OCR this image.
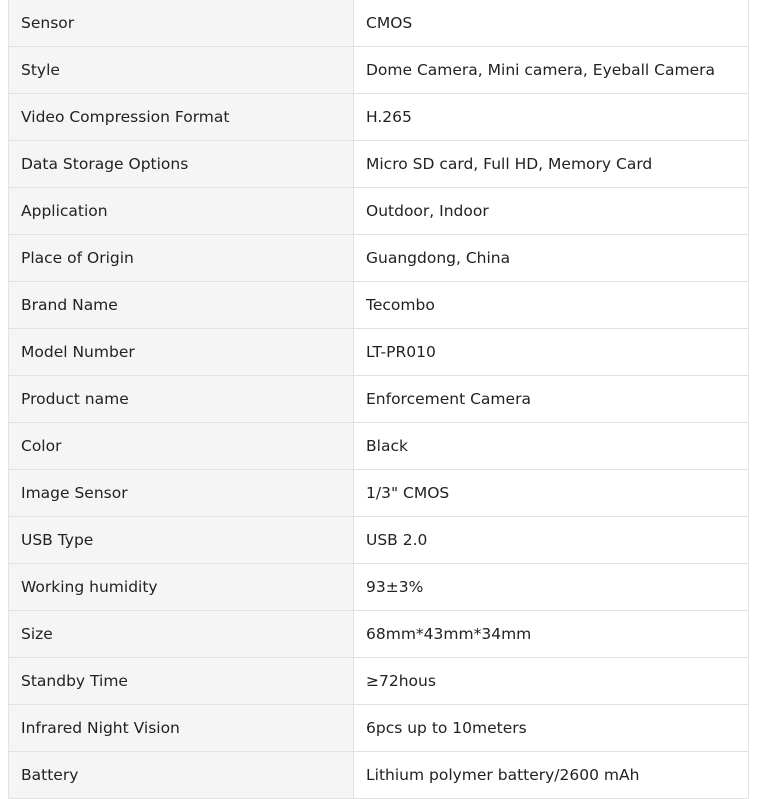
Sensor	CMOS
Style	Dome Camera, Mini camera, Eyeball Camera
Video Compression Format	H.265
Data Storage Options	Micro SD card, Full HD, Memory Card
Application	Outdoor, Indoor
Place of Origin	Guangdong, China
Brand Name	Tecombo
Model Number	LT-PR010
Product name	Enforcement Camera
Color	Black
Image Sensor	1/3" CMOS
USB Type	USB 2.0
Working humidity	93±3%
Size	68mm*43mm*34mm
Standby Time	≥72hous
Infrared Night Vision	6pcs up to 10meters
Battery	Lithium polymer battery/2600 mAh
